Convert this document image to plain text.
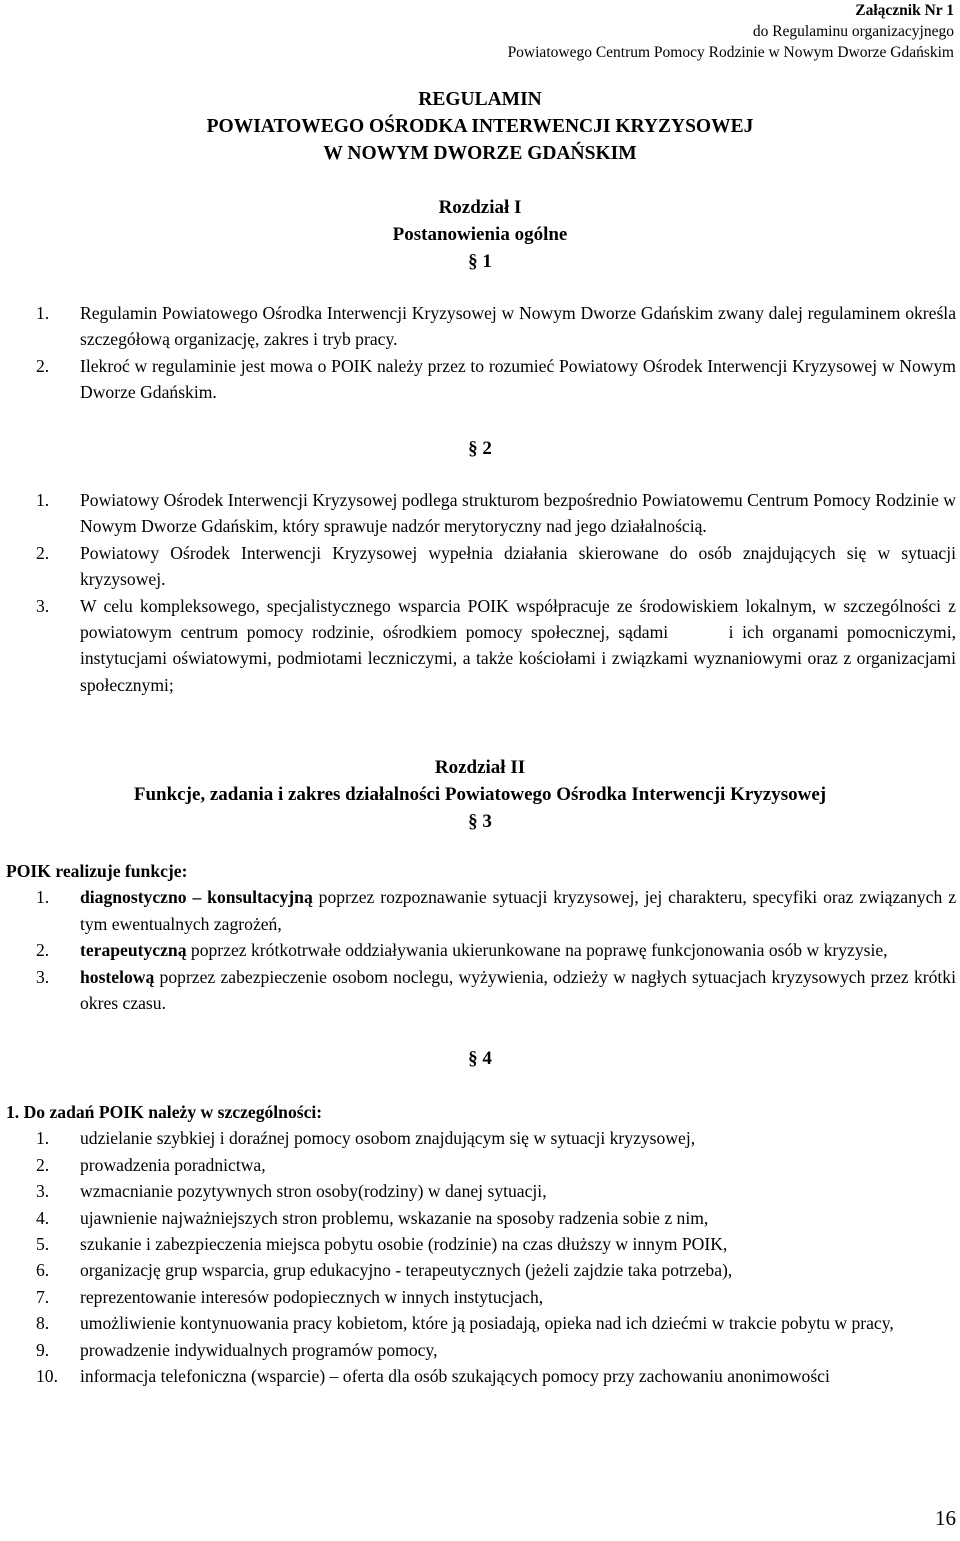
Załącznik Nr 1
do Regulaminu organizacyjnego
Powiatowego Centrum Pomocy Rodzinie w Nowym Dworze Gdańskim
REGULAMIN
POWIATOWEGO OŚRODKA INTERWENCJI KRYZYSOWEJ
W NOWYM DWORZE GDAŃSKIM
Rozdział I
Postanowienia ogólne
§ 1
1. Regulamin Powiatowego Ośrodka Interwencji Kryzysowej w Nowym Dworze Gdańskim zwany dalej regulaminem określa szczegółową organizację, zakres i tryb pracy.
2. Ilekroć w regulaminie jest mowa o POIK należy przez to rozumieć Powiatowy Ośrodek Interwencji Kryzysowej w Nowym Dworze Gdańskim.
§ 2
1. Powiatowy Ośrodek Interwencji Kryzysowej podlega strukturom bezpośrednio Powiatowemu Centrum Pomocy Rodzinie w Nowym Dworze Gdańskim, który sprawuje nadzór merytoryczny nad jego działalnością.
2. Powiatowy Ośrodek Interwencji Kryzysowej wypełnia działania skierowane do osób znajdujących się w sytuacji kryzysowej.
3. W celu kompleksowego, specjalistycznego wsparcia POIK współpracuje ze środowiskiem lokalnym, w szczególności z powiatowym centrum pomocy rodzinie, ośrodkiem pomocy społecznej, sądami       i ich organami pomocniczymi, instytucjami oświatowymi, podmiotami leczniczymi, a także kościołami i związkami wyznaniowymi oraz z organizacjami społecznymi;
Rozdział II
Funkcje, zadania i zakres działalności Powiatowego Ośrodka Interwencji Kryzysowej
§ 3
POIK realizuje funkcje:
1. diagnostyczno – konsultacyjną poprzez rozpoznawanie sytuacji kryzysowej, jej charakteru, specyfiki oraz związanych z tym ewentualnych zagrożeń,
2. terapeutyczną poprzez krótkotrwałe oddziaływania ukierunkowane na poprawę funkcjonowania osób w kryzysie,
3. hostelową poprzez zabezpieczenie osobom noclegu, wyżywienia, odzieży w nagłych sytuacjach kryzysowych przez krótki okres czasu.
§ 4
1. Do zadań POIK należy w szczególności:
1. udzielanie szybkiej i doraźnej pomocy osobom znajdującym się w sytuacji kryzysowej,
2. prowadzenia poradnictwa,
3. wzmacnianie pozytywnych stron osoby(rodziny) w danej sytuacji,
4. ujawnienie najważniejszych stron problemu, wskazanie na sposoby radzenia sobie z nim,
5. szukanie i zabezpieczenia miejsca pobytu osobie (rodzinie) na czas dłuższy w innym POIK,
6. organizację grup wsparcia, grup edukacyjno - terapeutycznych (jeżeli zajdzie taka potrzeba),
7. reprezentowanie interesów podopiecznych w innych instytucjach,
8. umożliwienie kontynuowania pracy kobietom, które ją posiadają, opieka nad ich dziećmi w trakcie pobytu w pracy,
9. prowadzenie indywidualnych programów pomocy,
10. informacja telefoniczna (wsparcie) – oferta dla osób szukających pomocy przy zachowaniu anonimowości
16
